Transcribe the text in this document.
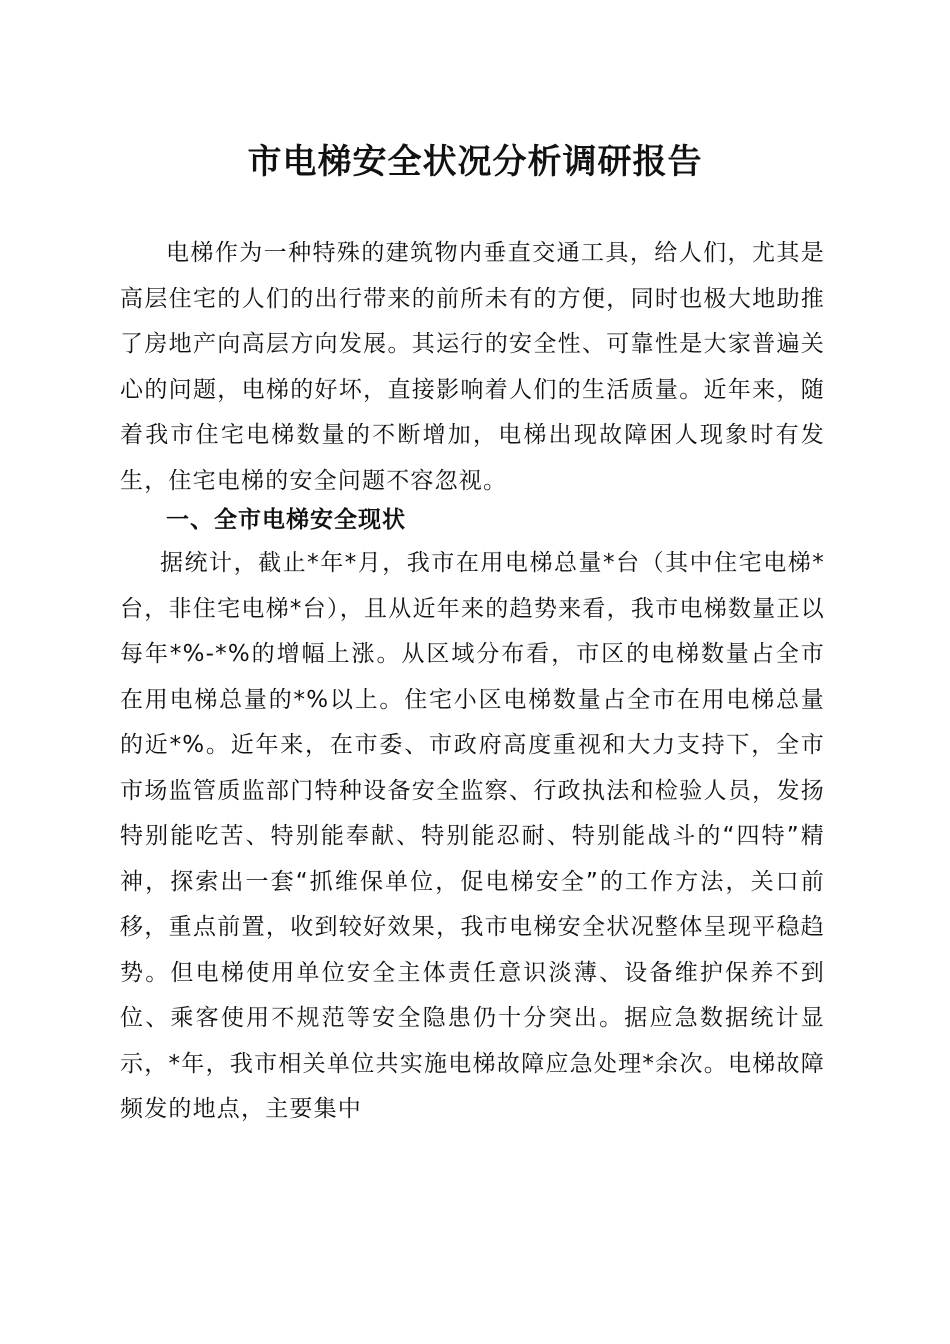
市电梯安全状况分析调研报告

电梯作为一种特殊的建筑物内垂直交通工具，给人们，尤其是高层住宅的人们的出行带来的前所未有的方便，同时也极大地助推了房地产向高层方向发展。其运行的安全性、可靠性是大家普遍关心的问题，电梯的好坏，直接影响着人们的生活质量。近年来，随着我市住宅电梯数量的不断增加，电梯出现故障困人现象时有发生，住宅电梯的安全问题不容忽视。

一、全市电梯安全现状

据统计，截止*年*月，我市在用电梯总量*台（其中住宅电梯*台，非住宅电梯*台），且从近年来的趋势来看，我市电梯数量正以每年*%-*%的增幅上涨。从区域分布看，市区的电梯数量占全市在用电梯总量的*%以上。住宅小区电梯数量占全市在用电梯总量的近*%。近年来，在市委、市政府高度重视和大力支持下，全市市场监管质监部门特种设备安全监察、行政执法和检验人员，发扬特别能吃苦、特别能奉献、特别能忍耐、特别能战斗的“四特”精神，探索出一套“抓维保单位，促电梯安全”的工作方法，关口前移，重点前置，收到较好效果，我市电梯安全状况整体呈现平稳趋势。但电梯使用单位安全主体责任意识淡薄、设备维护保养不到位、乘客使用不规范等安全隐患仍十分突出。据应急数据统计显示，*年，我市相关单位共实施电梯故障应急处理*余次。电梯故障频发的地点，主要集中
